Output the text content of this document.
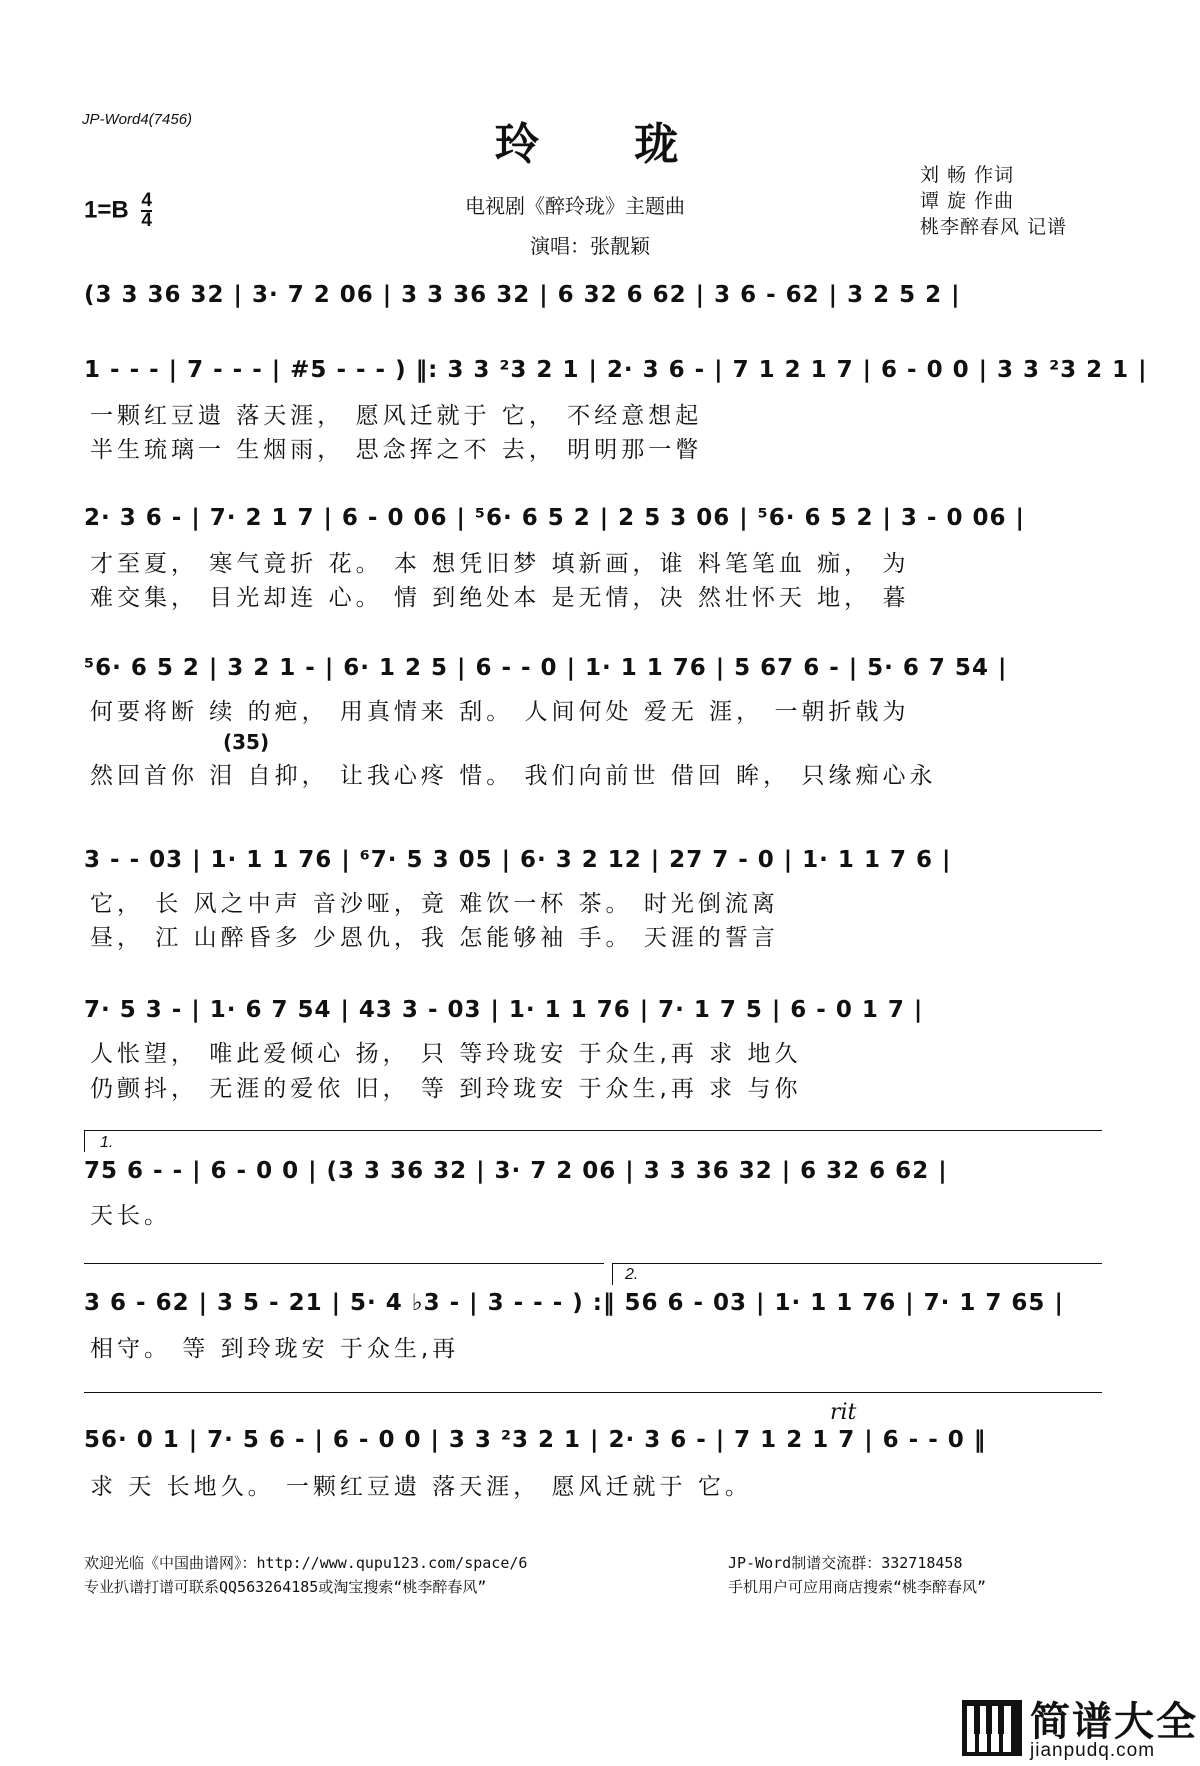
JP-Word4(7456)	玲 珑
$1=B \frac{4}{4}$	电视剧《醉玲珑》主题曲
演唱：张靓颖
刘 畅 作词
谭 旋 作曲
桃李醉春风 记谱
(3 3 36 32 | 3· 7 2 06 | 3 3 36 32 | 6 32 6 62 | 3 6 - 62 | 3 2 5 2 |
1 - - - | 7 - - - | #5 - - - ) ‖: 3 3 ²3 2 1 | 2· 3 6 - | 7 1 2 1 7 | 6 - 0 0 | 3 3 ²3 2 1 |
一颗红豆遗 落天涯， 愿风迁就于 它， 不经意想起
半生琉璃一 生烟雨， 思念挥之不 去， 明明那一瞥
2· 3 6 - | 7· 2 1 7 | 6 - 0 06 | ⁵6· 6 5 2 | 2 5 3 06 | ⁵6· 6 5 2 | 3 - 0 06 |
才至夏， 寒气竟折 花。 本 想凭旧梦 填新画，谁 料笔笔血 痂， 为
难交集， 目光却连 心。 情 到绝处本 是无情，决 然壮怀天 地， 暮
⁵6· 6 5 2 | 3 2 1 - | 6· 1 2 5 | 6 - - 0 | 1· 1 1 76 | 5 67 6 - | 5· 6 7 54 |
何要将断 续 的疤， 用真情来 刮。 人间何处 爱无 涯， 一朝折戟为
(35)
然回首你 泪 自抑， 让我心疼 惜。 我们向前世 借回 眸， 只缘痴心永
3 - - 03 | 1· 1 1 76 | ⁶7· 5 3 05 | 6· 3 2 12 | 27 7 - 0 | 1· 1 1 7 6 |
它， 长 风之中声 音沙哑，竟 难饮一杯 茶。 时光倒流离
昼， 江 山醉昏多 少恩仇，我 怎能够袖 手。 天涯的誓言
7· 5 3 - | 1· 6 7 54 | 43 3 - 03 | 1· 1 1 76 | 7· 1 7 5 | 6 - 0 1 7 |
人怅望， 唯此爱倾心 扬， 只 等玲珑安 于众生,再 求 地久
仍颤抖， 无涯的爱依 旧， 等 到玲珑安 于众生,再 求 与你
1.
75 6 - - | 6 - 0 0 | (3 3 36 32 | 3· 7 2 06 | 3 3 36 32 | 6 32 6 62 |
天长。
2.
3 6 - 62 | 3 5 - 21 | 5· 4 ♭3 - | 3 - - - ) :‖ 56 6 - 03 | 1· 1 1 76 | 7· 1 7 65 |
相守。 等 到玲珑安 于众生,再
rit
56· 0 1 | 7· 5 6 - | 6 - 0 0 | 3 3 ²3 2 1 | 2· 3 6 - | 7 1 2 1 7 | 6 - - 0 ‖
求 天 长地久。 一颗红豆遗 落天涯， 愿风迁就于 它。
欢迎光临《中国曲谱网》：http://www.qupu123.com/space/6
专业扒谱打谱可联系QQ563264185或淘宝搜索“桃李醉春风”
JP-Word制谱交流群：332718458
手机用户可应用商店搜索“桃李醉春风”
简谱大全
jianpudq.com
